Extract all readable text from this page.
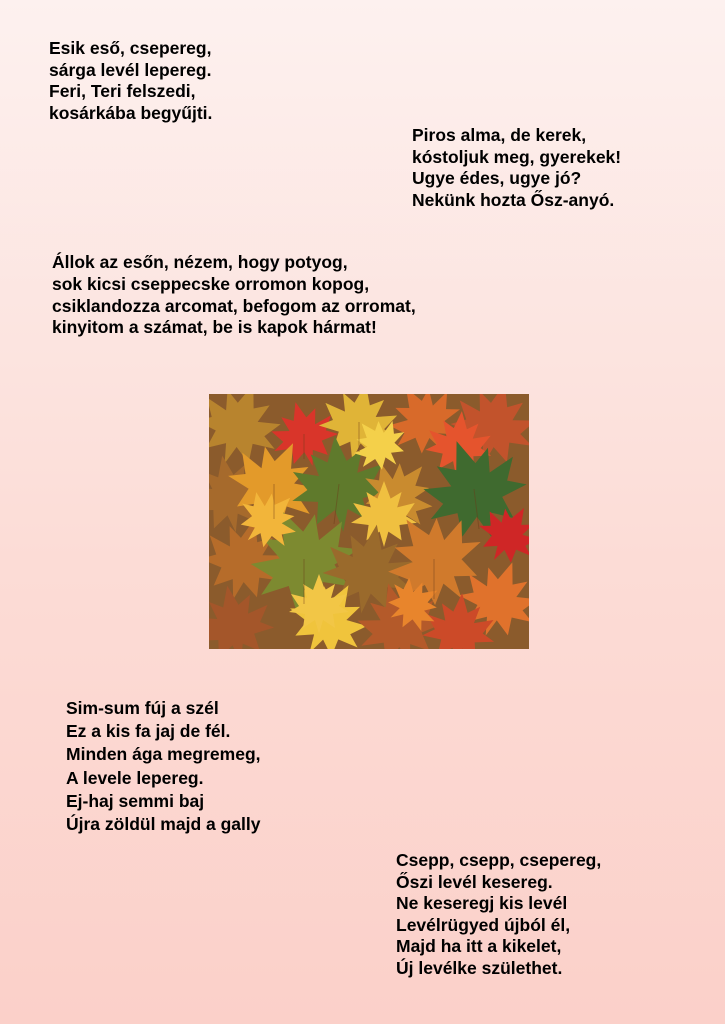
Esik eső, csepereg,
sárga levél lepereg.
Feri, Teri felszedi,
kosárkába begyűjti.
Piros alma, de kerek,
kóstoljuk meg, gyerekek!
Ugye édes, ugye jó?
Nekünk hozta Ősz-anyó.
Állok az esőn, nézem, hogy potyog,
sok kicsi cseppecske orromon kopog,
csiklandozza arcomat, befogom az orromat,
kinyitom a számat, be is kapok hármat!
Sim-sum fúj a szél
Ez a kis fa jaj de fél.
Minden ága megremeg,
A levele lepereg.
Ej-haj semmi baj
Újra zöldül majd a gally
Csepp, csepp, csepereg,
Őszi levél kesereg.
Ne keseregj kis levél
Levélrügyed újból él,
Majd ha itt a kikelet,
Új levélke születhet.
